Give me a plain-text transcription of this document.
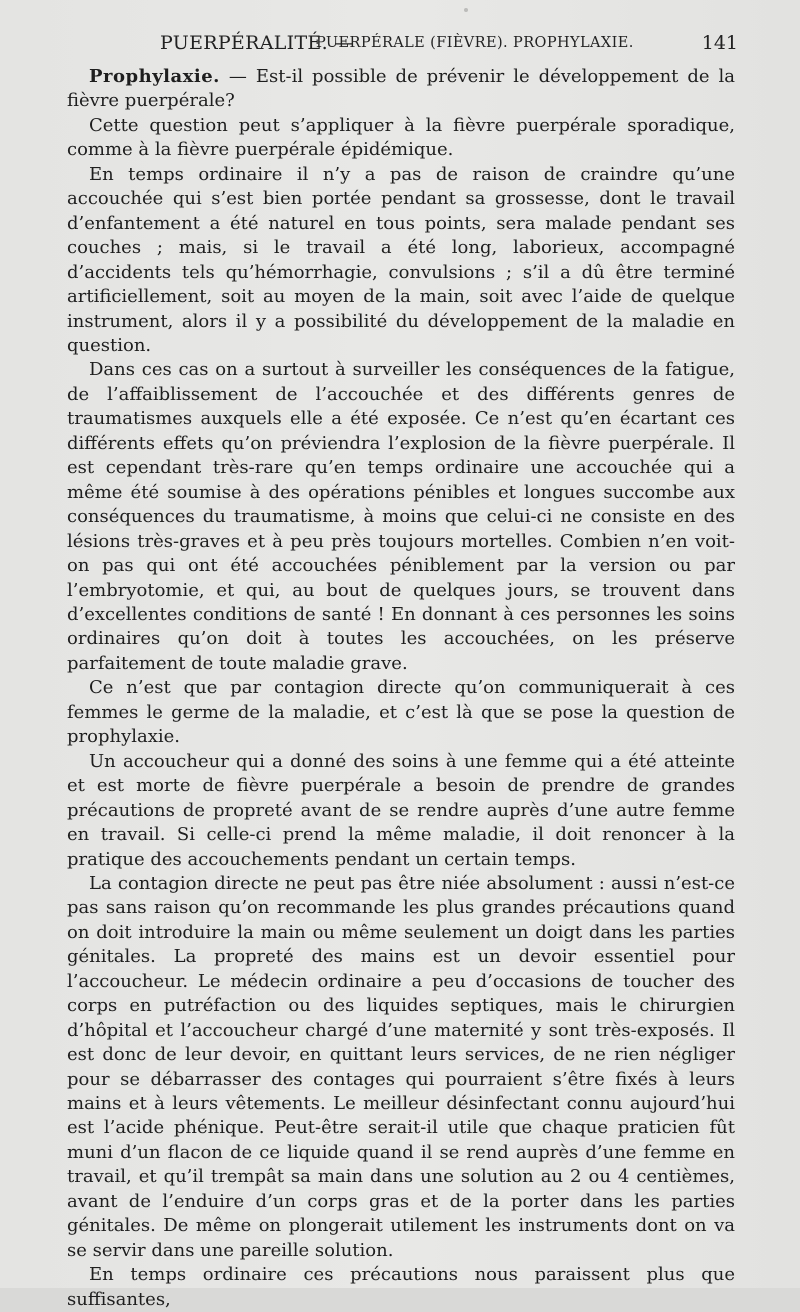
PUERPÉRALITÉ. —
PUERPÉRALE (FIÈVRE). PROPHYLAXIE.	141

Prophylaxie. — Est-il possible de prévenir le développement de la fièvre puerpérale?

Cette question peut s’appliquer à la fièvre puerpérale sporadique, comme à la fièvre puerpérale épidémique.

En temps ordinaire il n’y a pas de raison de craindre qu’une accouchée qui s’est bien portée pendant sa grossesse, dont le travail d’enfantement a été naturel en tous points, sera malade pendant ses couches ; mais, si le travail a été long, laborieux, accompagné d’accidents tels qu’hémorrhagie, convulsions ; s’il a dû être terminé artificiellement, soit au moyen de la main, soit avec l’aide de quelque instrument, alors il y a possibilité du développement de la maladie en question.

Dans ces cas on a surtout à surveiller les conséquences de la fatigue, de l’affaiblissement de l’accouchée et des différents genres de traumatismes auxquels elle a été exposée. Ce n’est qu’en écartant ces différents effets qu’on préviendra l’explosion de la fièvre puerpérale. Il est cependant très-rare qu’en temps ordinaire une accouchée qui a même été soumise à des opérations pénibles et longues succombe aux conséquences du traumatisme, à moins que celui-ci ne consiste en des lésions très-graves et à peu près toujours mortelles. Combien n’en voit-on pas qui ont été accouchées péniblement par la version ou par l’embryotomie, et qui, au bout de quelques jours, se trouvent dans d’excellentes conditions de santé ! En donnant à ces personnes les soins ordinaires qu’on doit à toutes les accouchées, on les préserve parfaitement de toute maladie grave.

Ce n’est que par contagion directe qu’on communiquerait à ces femmes le germe de la maladie, et c’est là que se pose la question de prophylaxie.

Un accoucheur qui a donné des soins à une femme qui a été atteinte et est morte de fièvre puerpérale a besoin de prendre de grandes précautions de propreté avant de se rendre auprès d’une autre femme en travail. Si celle-ci prend la même maladie, il doit renoncer à la pratique des accouchements pendant un certain temps.

La contagion directe ne peut pas être niée absolument : aussi n’est-ce pas sans raison qu’on recommande les plus grandes précautions quand on doit introduire la main ou même seulement un doigt dans les parties génitales. La propreté des mains est un devoir essentiel pour l’accoucheur. Le médecin ordinaire a peu d’occasions de toucher des corps en putréfaction ou des liquides septiques, mais le chirurgien d’hôpital et l’accoucheur chargé d’une maternité y sont très-exposés. Il est donc de leur devoir, en quittant leurs services, de ne rien négliger pour se débarrasser des contages qui pourraient s’être fixés à leurs mains et à leurs vêtements. Le meilleur désinfectant connu aujourd’hui est l’acide phénique. Peut-être serait-il utile que chaque praticien fût muni d’un flacon de ce liquide quand il se rend auprès d’une femme en travail, et qu’il trempât sa main dans une solution au 2 ou 4 centièmes, avant de l’enduire d’un corps gras et de la porter dans les parties génitales. De même on plongerait utilement les instruments dont on va se servir dans une pareille solution.

En temps ordinaire ces précautions nous paraissent plus que suffisantes,
